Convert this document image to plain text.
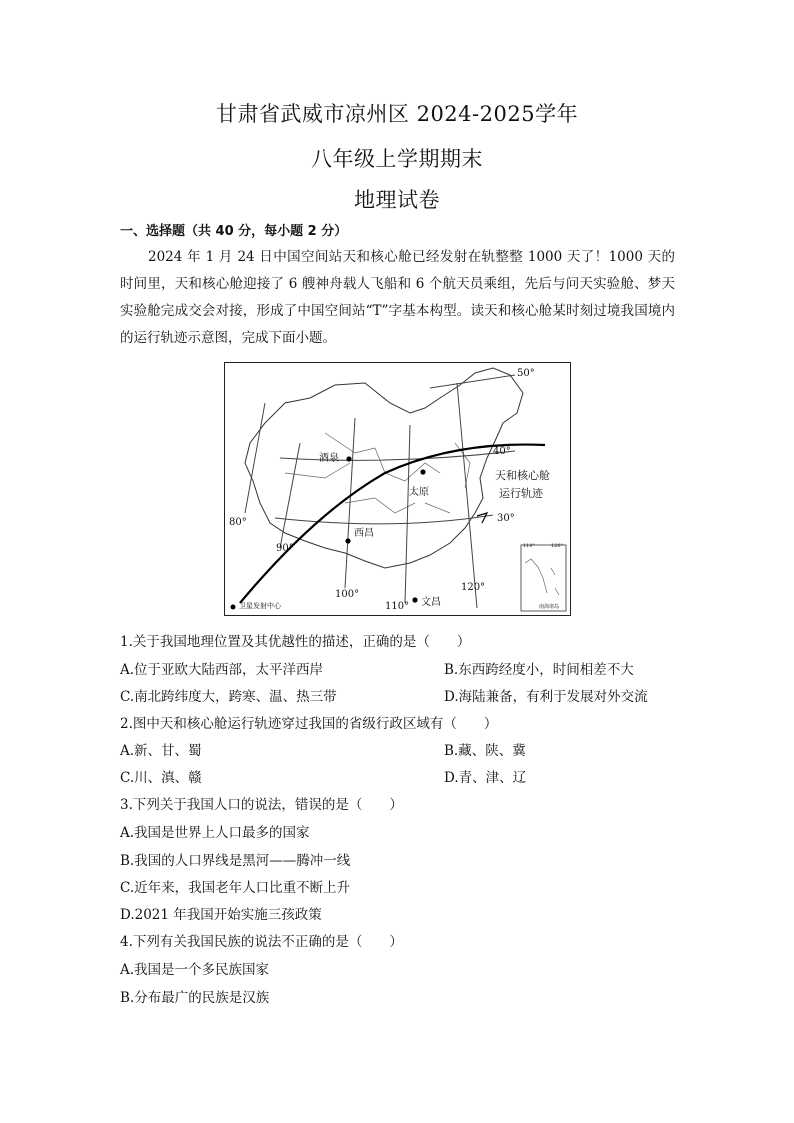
甘肃省武威市凉州区 2024-2025学年
八年级上学期期末
地理试卷
一、选择题（共 40 分，每小题 2 分）
2024 年 1 月 24 日中国空间站天和核心舱已经发射在轨整整 1000 天了！1000 天的时间里，天和核心舱迎接了 6 艘神舟载人飞船和 6 个航天员乘组，先后与问天实验舱、梦天实验舱完成交会对接，形成了中国空间站“T”字基本构型。读天和核心舱某时刻过境我国境内的运行轨迹示意图，完成下面小题。
50°
40°
30°
80°
90°
100°
110°
120°
酒泉
太原
西昌
文昌
天和核心舱
运行轨迹
卫星发射中心
110°	120°
南海诸岛
1.关于我国地理位置及其优越性的描述，正确的是（　　）
A.位于亚欧大陆西部，太平洋西岸	B.东西跨经度小，时间相差不大
C.南北跨纬度大，跨寒、温、热三带	D.海陆兼备，有利于发展对外交流
2.图中天和核心舱运行轨迹穿过我国的省级行政区域有（　　）
A.新、甘、蜀	B.藏、陕、冀
C.川、滇、赣	D.青、津、辽
3.下列关于我国人口的说法，错误的是（　　）
A.我国是世界上人口最多的国家
B.我国的人口界线是黑河——腾冲一线
C.近年来，我国老年人口比重不断上升
D.2021 年我国开始实施三孩政策
4.下列有关我国民族的说法不正确的是（　　）
A.我国是一个多民族国家
B.分布最广的民族是汉族
